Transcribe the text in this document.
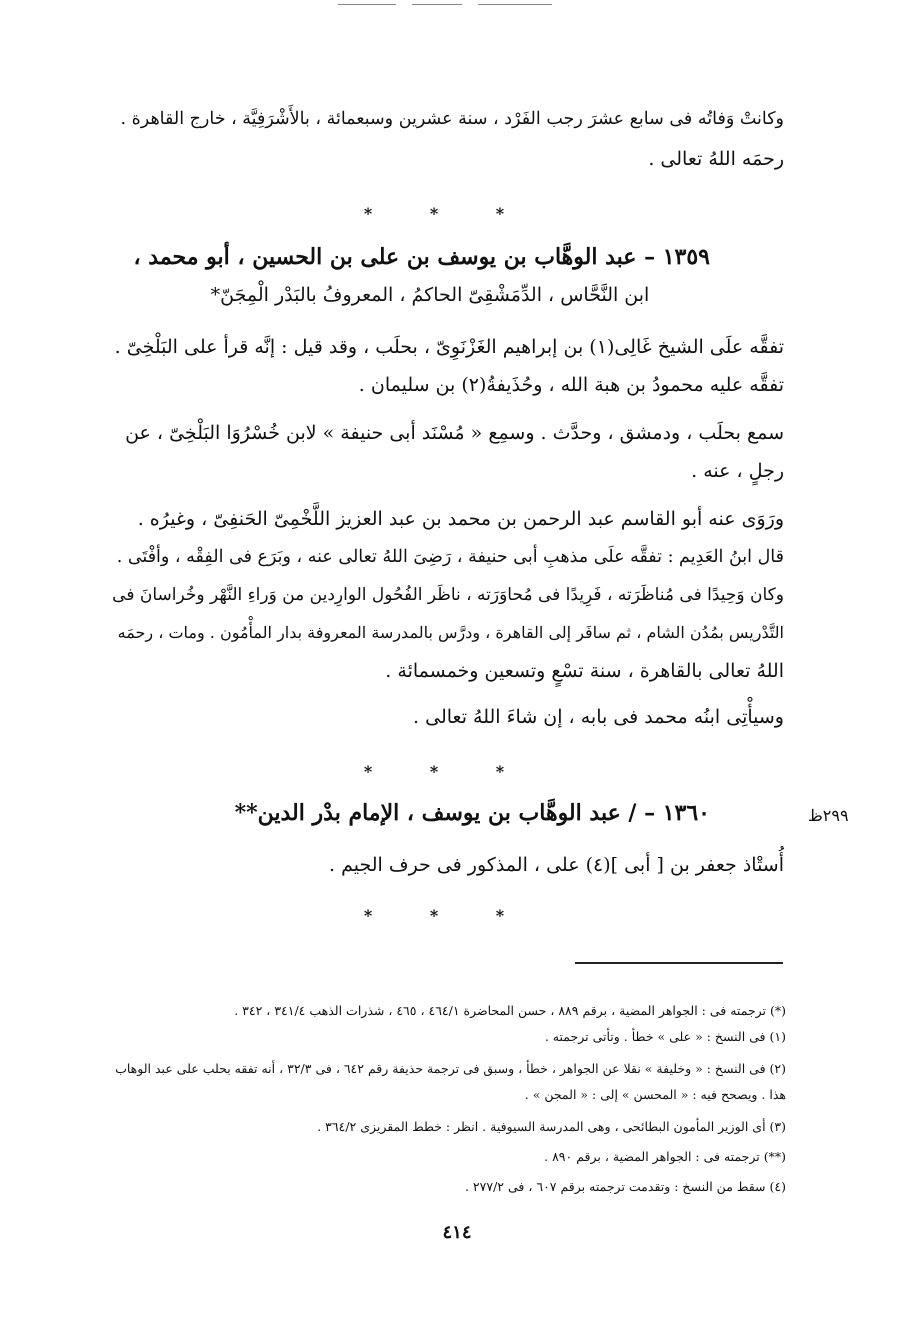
وكانتْ وَفاتُه فى سابع عشرَ رجب الفَرْد ، سنة عشرين وسبعمائة ، بالأَشْرَفِيَّة ، خارج القاهرة .
رحمَه اللهُ تعالى .
* * *
١٣٥٩ – عبد الوهَّاب بن يوسف بن على بن الحسين ، أبو محمد ،
ابن النَّحَّاس ، الدِّمَشْقِىّ الحاكمُ ، المعروفُ بالبَدْر الْمِجَنّ*
تفقَّه علَى الشيخ غَالِى(١) بن إبراهيم الغَزْنَوِىّ ، بحلَب ، وقد قيل : إنَّه قرأ على البَلْخِىّ .
تفقَّه عليه محمودُ بن هبة الله ، وحُذَيفةُ(٢) بن سليمان .
سمع بحلَب ، ودمشق ، وحدَّث . وسمِع « مُسْنَد أبى حنيفة » لابن خُسْرُوَا البَلْخِىّ ، عن
رجلٍ ، عنه .
ورَوَى عنه أبو القاسم عبد الرحمن بن محمد بن عبد العزيز اللَّخْمِىّ الحَنفِىّ ، وغيرُه .
قال ابنُ العَدِيم : تفقَّه علَى مذهبِ أبى حنيفة ، رَضِىَ اللهُ تعالى عنه ، وبَرَع فى الفِقْه ، وأفْتَى .
وكان وَحِيدًا فى مُناظَرَته ، فَرِيدًا فى مُحاوَرَته ، ناظَر الفُحُول الوارِدين من وَراءِ النَّهْر وخُراسانَ فى
التَّدْريس بمُدُن الشام ، ثم سافَر إلى القاهرة ، ودرَّس بالمدرسة المعروفة بدار المأْمُون . ومات ، رحمَه
اللهُ تعالى بالقاهرة ، سنة تسْعٍ وتسعين وخمسمائة .
وسيأْتِى ابنُه محمد فى بابه ، إن شاءَ اللهُ تعالى .
* * *
٢٩٩ظ
١٣٦٠ – / عبد الوهَّاب بن يوسف ، الإمام بدْر الدين**
أُستْاذ جعفر بن [ أبى ](٤) على ، المذكور فى حرف الجيم .
* * *
(*) ترجمته فى : الجواهر المضية ، برقم ٨٨٩ ، حسن المحاضرة ٤٦٤/١ ، ٤٦٥ ، شذرات الذهب ٣٤١/٤ ، ٣٤٢ .
(١) فى النسخ : « على » خطأ . وتأتى ترجمته .
(٢) فى النسخ : « وخليفة » نقلا عن الجواهر ، خطأ ، وسبق فى ترجمة حذيفة رقم ٦٤٢ ، فى ٣٢/٣ ، أنه تفقه بحلب على عبد الوهاب
هذا . ويصحح فيه : « المحسن » إلى : « المجن » .
(٣) أى الوزير المأمون البطائحى ، وهى المدرسة السيوفية . انظر : خطط المقريزى ٣٦٤/٢ .
(**) ترجمته فى : الجواهر المضية ، برقم ٨٩٠ .
(٤) سقط من النسخ : وتقدمت ترجمته برقم ٦٠٧ ، فى ٢٧٧/٢ .
٤١٤
